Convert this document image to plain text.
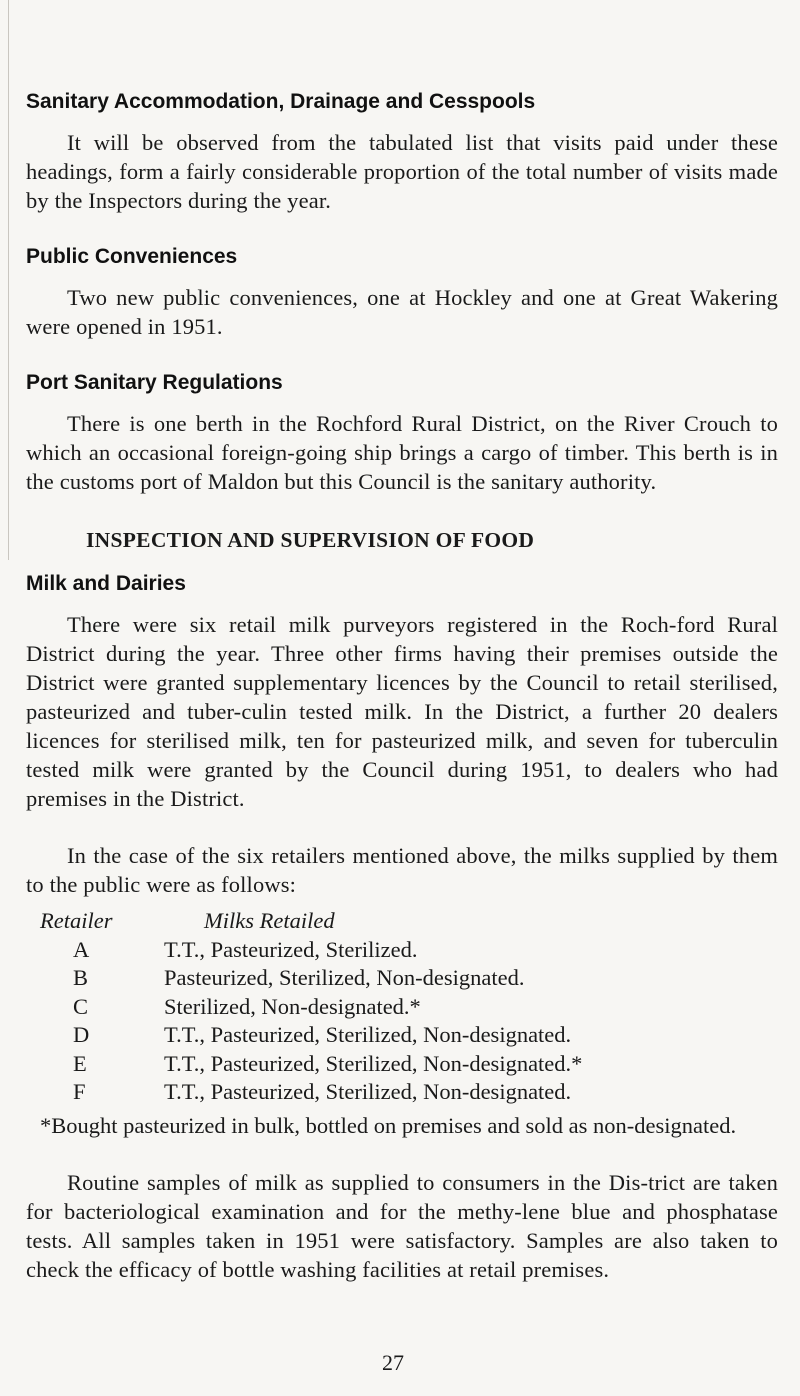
Sanitary Accommodation, Drainage and Cesspools

It will be observed from the tabulated list that visits paid under these headings, form a fairly considerable proportion of the total number of visits made by the Inspectors during the year.

Public Conveniences

Two new public conveniences, one at Hockley and one at Great Wakering were opened in 1951.

Port Sanitary Regulations

There is one berth in the Rochford Rural District, on the River Crouch to which an occasional foreign-going ship brings a cargo of timber. This berth is in the customs port of Maldon but this Council is the sanitary authority.

INSPECTION AND SUPERVISION OF FOOD
Milk and Dairies

There were six retail milk purveyors registered in the Roch-ford Rural District during the year. Three other firms having their premises outside the District were granted supplementary licences by the Council to retail sterilised, pasteurized and tuber-culin tested milk. In the District, a further 20 dealers licences for sterilised milk, ten for pasteurized milk, and seven for tuberculin tested milk were granted by the Council during 1951, to dealers who had premises in the District.

In the case of the six retailers mentioned above, the milks supplied by them to the public were as follows:

Retailer	Milks Retailed
A	T.T., Pasteurized, Sterilized.
B	Pasteurized, Sterilized, Non-designated.
C	Sterilized, Non-designated.*
D	T.T., Pasteurized, Sterilized, Non-designated.
E	T.T., Pasteurized, Sterilized, Non-designated.*
F	T.T., Pasteurized, Sterilized, Non-designated.

*Bought pasteurized in bulk, bottled on premises and sold as non-designated.

Routine samples of milk as supplied to consumers in the Dis-trict are taken for bacteriological examination and for the methy-lene blue and phosphatase tests. All samples taken in 1951 were satisfactory. Samples are also taken to check the efficacy of bottle washing facilities at retail premises.

27
